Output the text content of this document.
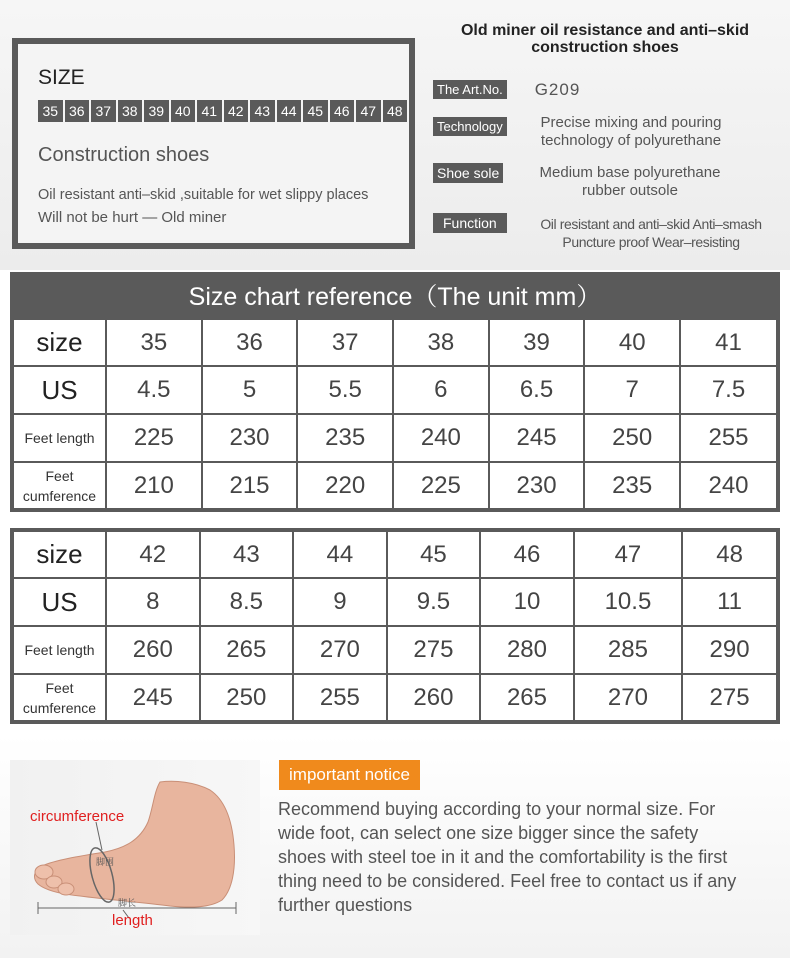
SIZE
35 36 37 38 39 40 41 42 43 44 45 46 47 48
Construction shoes
Oil resistant anti–skid ,suitable for wet slippy places
Will not be hurt — Old miner
Old miner oil resistance and anti–skid
construction shoes
The Art.No.	G209
Technology	Precise mixing and pouring
technology of polyurethane
Shoe sole	Medium base polyurethane
rubber outsole
Function	Oil resistant and anti–skid Anti–smash
Puncture proof Wear–resisting
Size chart reference（The unit mm）
size	35	36	37	38	39	40	41
US	4.5	5	5.5	6	6.5	7	7.5
Feet length	225	230	235	240	245	250	255

Feet
cumference	210	215	220	225	230	235	240
size	42	43	44	45	46	47	48
US	8	8.5	9	9.5	10	10.5	11
Feet length	260	265	270	275	280	285	290

Feet
cumference	245	250	255	260	265	270	275
脚围
脚长
circumference
length
important notice
Recommend buying according to your normal size. For
wide foot, can select one size bigger since the safety
shoes with steel toe in it and the comfortability is the first
thing need to be considered. Feel free to contact us if any
further questions
